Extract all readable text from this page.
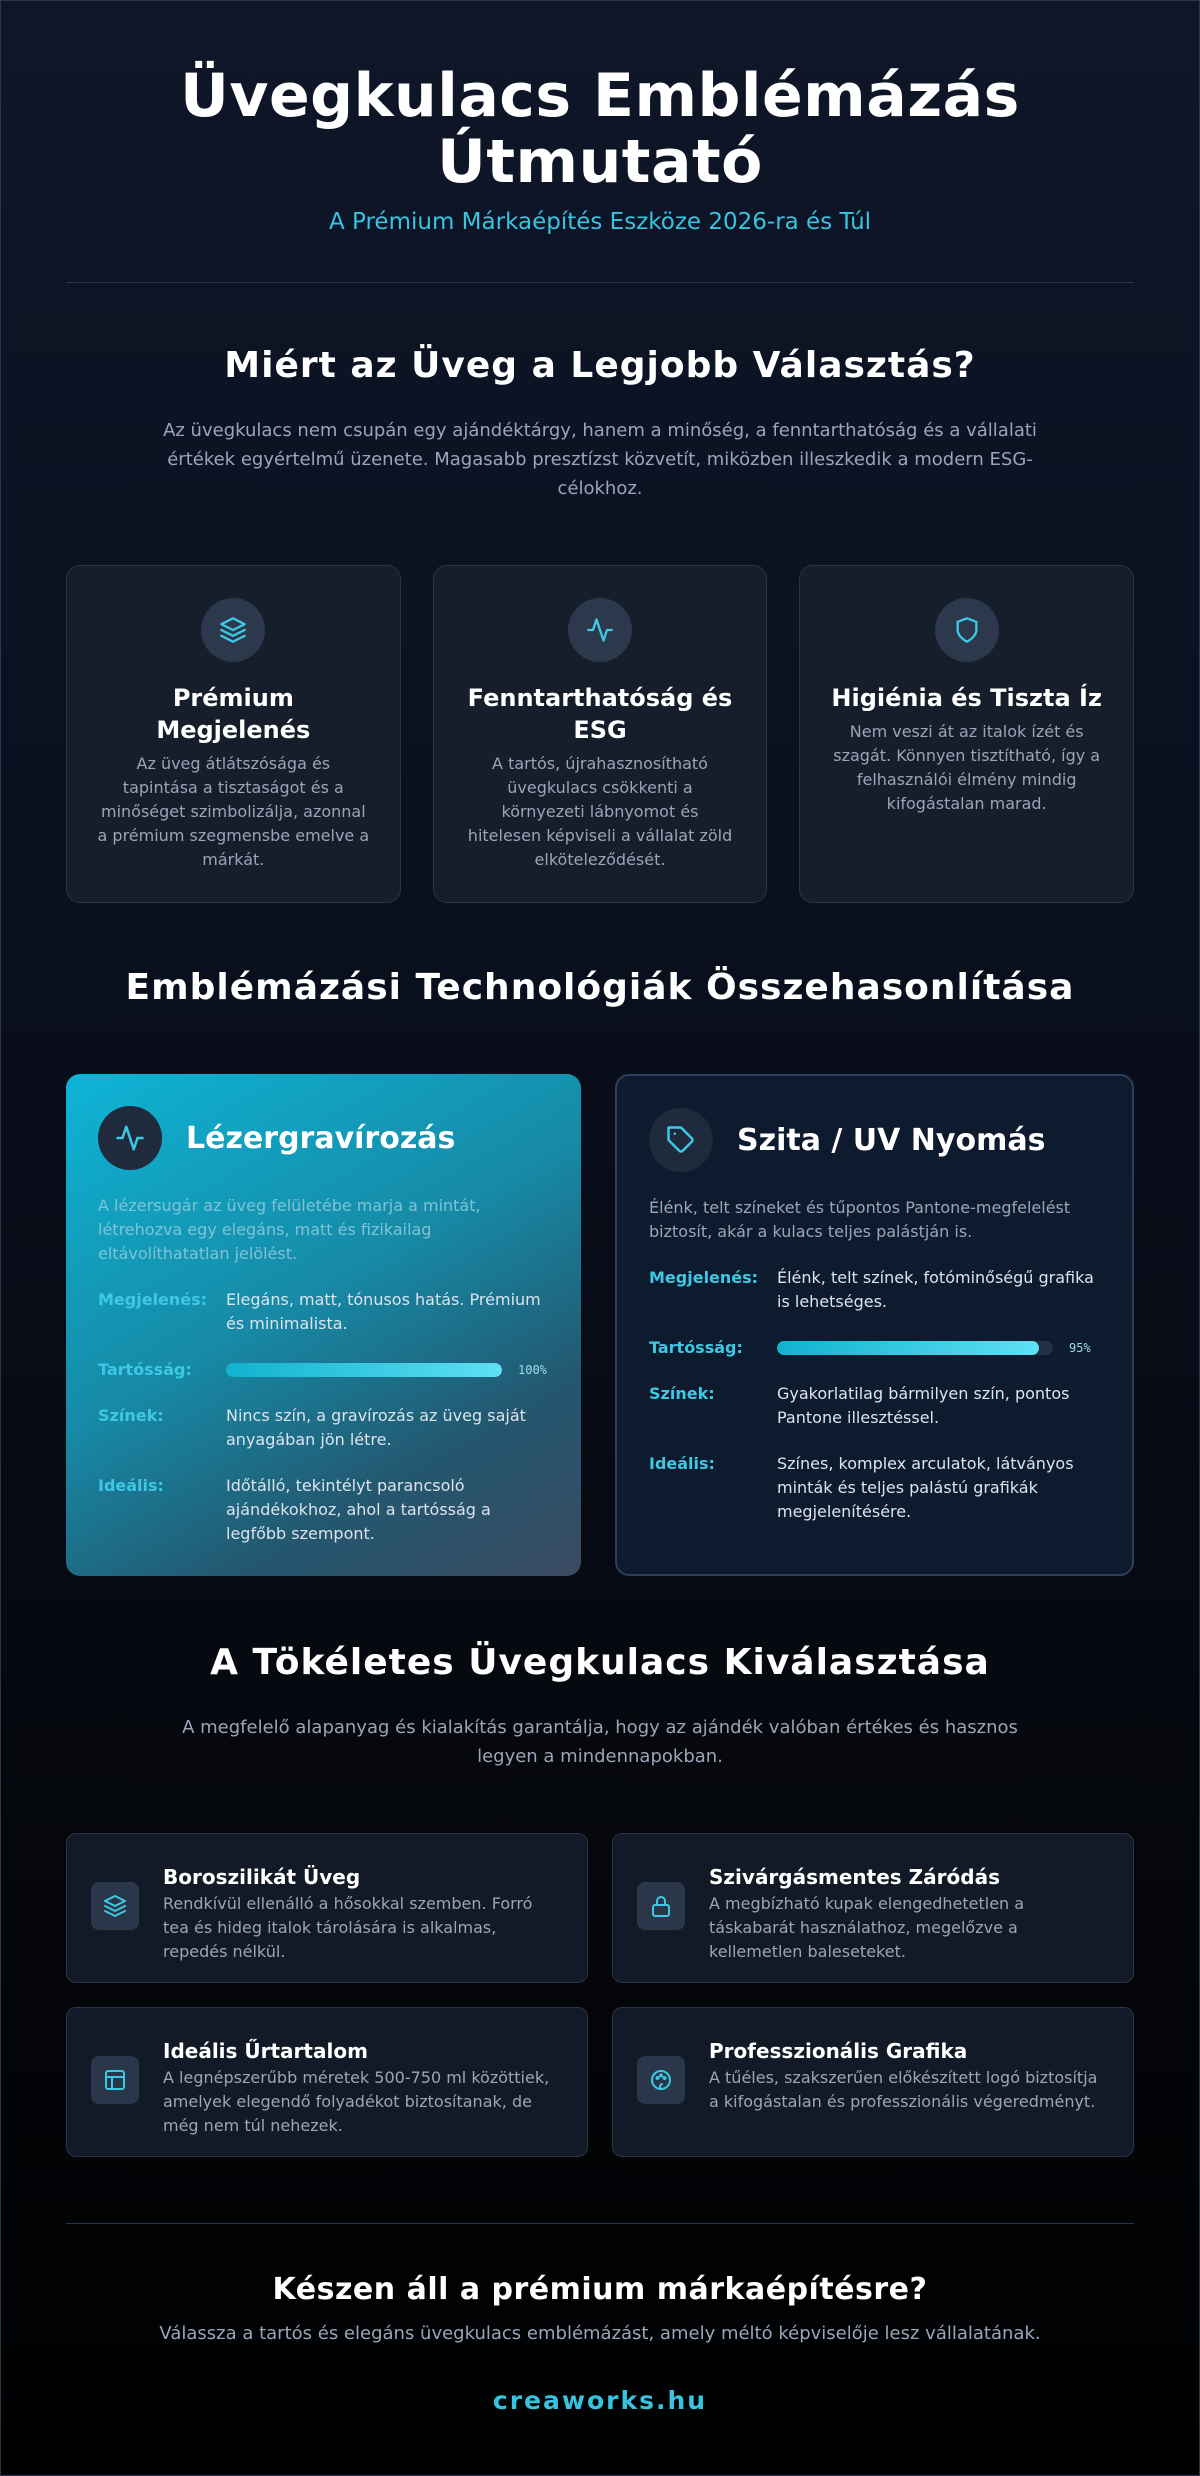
Üvegkulacs Emblémázás
Útmutató
A Prémium Márkaépítés Eszköze 2026-ra és Túl
Miért az Üveg a Legjobb Választás?

Az üvegkulacs nem csupán egy ajándéktárgy, hanem a minőség, a fenntarthatóság és a vállalati értékek egyértelmű üzenete. Magasabb presztízst közvetít, miközben illeszkedik a modern ESG-célokhoz.

Prémium Megjelenés

Az üveg átlátszósága és tapintása a tisztaságot és a minőséget szimbolizálja, azonnal a prémium szegmensbe emelve a márkát.

Fenntarthatóság és ESG

A tartós, újrahasznosítható üvegkulacs csökkenti a környezeti lábnyomot és hitelesen képviseli a vállalat zöld elköteleződését.

Higiénia és Tiszta Íz

Nem veszi át az italok ízét és szagát. Könnyen tisztítható, így a felhasználói élmény mindig kifogástalan marad.

Emblémázási Technológiák Összehasonlítása
Lézergravírozás

A lézersugár az üveg felületébe marja a mintát, létrehozva egy elegáns, matt és fizikailag eltávolíthatatlan jelölést.

Megjelenés:	Elegáns, matt, tónusos hatás. Prémium és minimalista.
Tartósság:	100%
Színek:	Nincs szín, a gravírozás az üveg saját anyagában jön létre.
Ideális:	Időtálló, tekintélyt parancsoló ajándékokhoz, ahol a tartósság a legfőbb szempont.
Szita / UV Nyomás

Élénk, telt színeket és tűpontos Pantone-megfelelést biztosít, akár a kulacs teljes palástján is.

Megjelenés:	Élénk, telt színek, fotóminőségű grafika is lehetséges.
Tartósság:	95%
Színek:	Gyakorlatilag bármilyen szín, pontos Pantone illesztéssel.
Ideális:	Színes, komplex arculatok, látványos minták és teljes palástú grafikák megjelenítésére.
A Tökéletes Üvegkulacs Kiválasztása

A megfelelő alapanyag és kialakítás garantálja, hogy az ajándék valóban értékes és hasznos legyen a mindennapokban.

Boroszilikát Üveg

Rendkívül ellenálló a hősokkal szemben. Forró tea és hideg italok tárolására is alkalmas, repedés nélkül.

Szivárgásmentes Záródás

A megbízható kupak elengedhetetlen a táskabarát használathoz, megelőzve a kellemetlen baleseteket.

Ideális Űrtartalom

A legnépszerűbb méretek 500-750 ml közöttiek, amelyek elegendő folyadékot biztosítanak, de még nem túl nehezek.

Professzionális Grafika

A tűéles, szakszerűen előkészített logó biztosítja a kifogástalan és professzionális végeredményt.

Készen áll a prémium márkaépítésre?

Válassza a tartós és elegáns üvegkulacs emblémázást, amely méltó képviselője lesz vállalatának.

creaworks.hu
